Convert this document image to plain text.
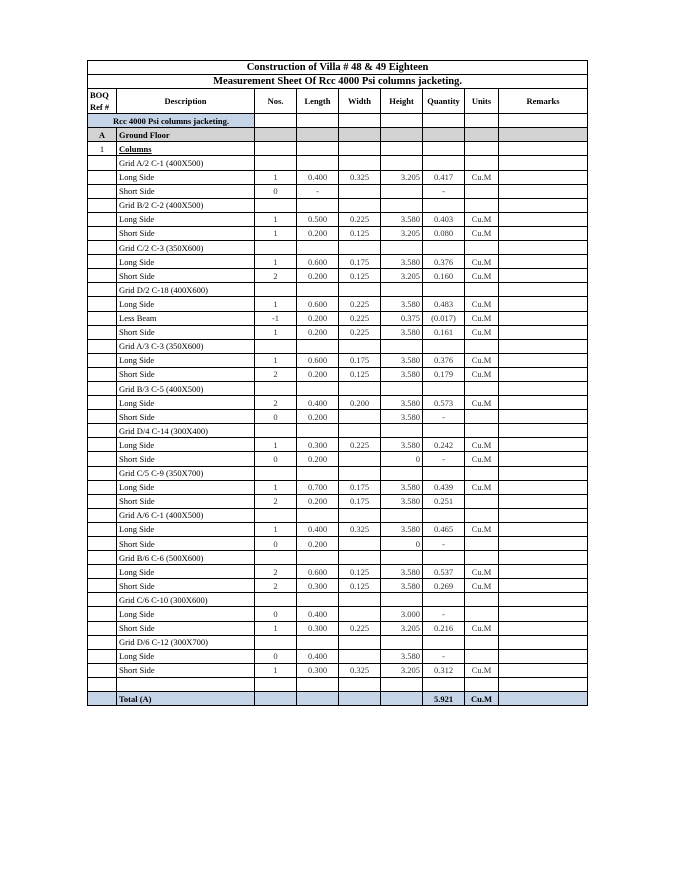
Construction of Villa # 48 & 49 Eighteen								
Measurement Sheet Of Rcc 4000 Psi columns jacketing.								
BOQ
Ref #	Description	Nos.	Length	Width	Height	Quantity	Units	Remarks
Rcc 4000 Psi columns jacketing.								
A	Ground Floor							
1	Columns							
	Grid A/2 C-1 (400X500)							
	Long Side	1	0.400	0.325	3.205	0.417	Cu.M	
	Short Side	0	-			-		
	Grid B/2 C-2 (400X500)							
	Long Side	1	0.500	0.225	3.580	0.403	Cu.M	
	Short Side	1	0.200	0.125	3.205	0.080	Cu.M	
	Grid C/2 C-3 (350X600)							
	Long Side	1	0.600	0.175	3.580	0.376	Cu.M	
	Short Side	2	0.200	0.125	3.205	0.160	Cu.M	
	Grid D/2 C-18 (400X600)							
	Long Side	1	0.600	0.225	3.580	0.483	Cu.M	
	Less Beam	-1	0.200	0.225	0.375	(0.017)	Cu.M	
	Short Side	1	0.200	0.225	3.580	0.161	Cu.M	
	Grid A/3 C-3 (350X600)							
	Long Side	1	0.600	0.175	3.580	0.376	Cu.M	
	Short Side	2	0.200	0.125	3.580	0.179	Cu.M	
	Grid B/3 C-5 (400X500)							
	Long Side	2	0.400	0.200	3.580	0.573	Cu.M	
	Short Side	0	0.200		3.580	-		
	Grid D/4 C-14 (300X400)							
	Long Side	1	0.300	0.225	3.580	0.242	Cu.M	
	Short Side	0	0.200		0	-	Cu.M	
	Grid C/5 C-9 (350X700)							
	Long Side	1	0.700	0.175	3.580	0.439	Cu.M	
	Short Side	2	0.200	0.175	3.580	0.251		
	Grid A/6 C-1 (400X500)							
	Long Side	1	0.400	0.325	3.580	0.465	Cu.M	
	Short Side	0	0.200		0	-		
	Grid B/6 C-6 (500X600)							
	Long Side	2	0.600	0.125	3.580	0.537	Cu.M	
	Short Side	2	0.300	0.125	3.580	0.269	Cu.M	
	Grid C/6 C-10 (300X600)							
	Long Side	0	0.400		3.000	-		
	Short Side	1	0.300	0.225	3.205	0.216	Cu.M	
	Grid D/6 C-12 (300X700)							
	Long Side	0	0.400		3.580	-		
	Short Side	1	0.300	0.325	3.205	0.312	Cu.M	

	Total (A)					5.921	Cu.M	
